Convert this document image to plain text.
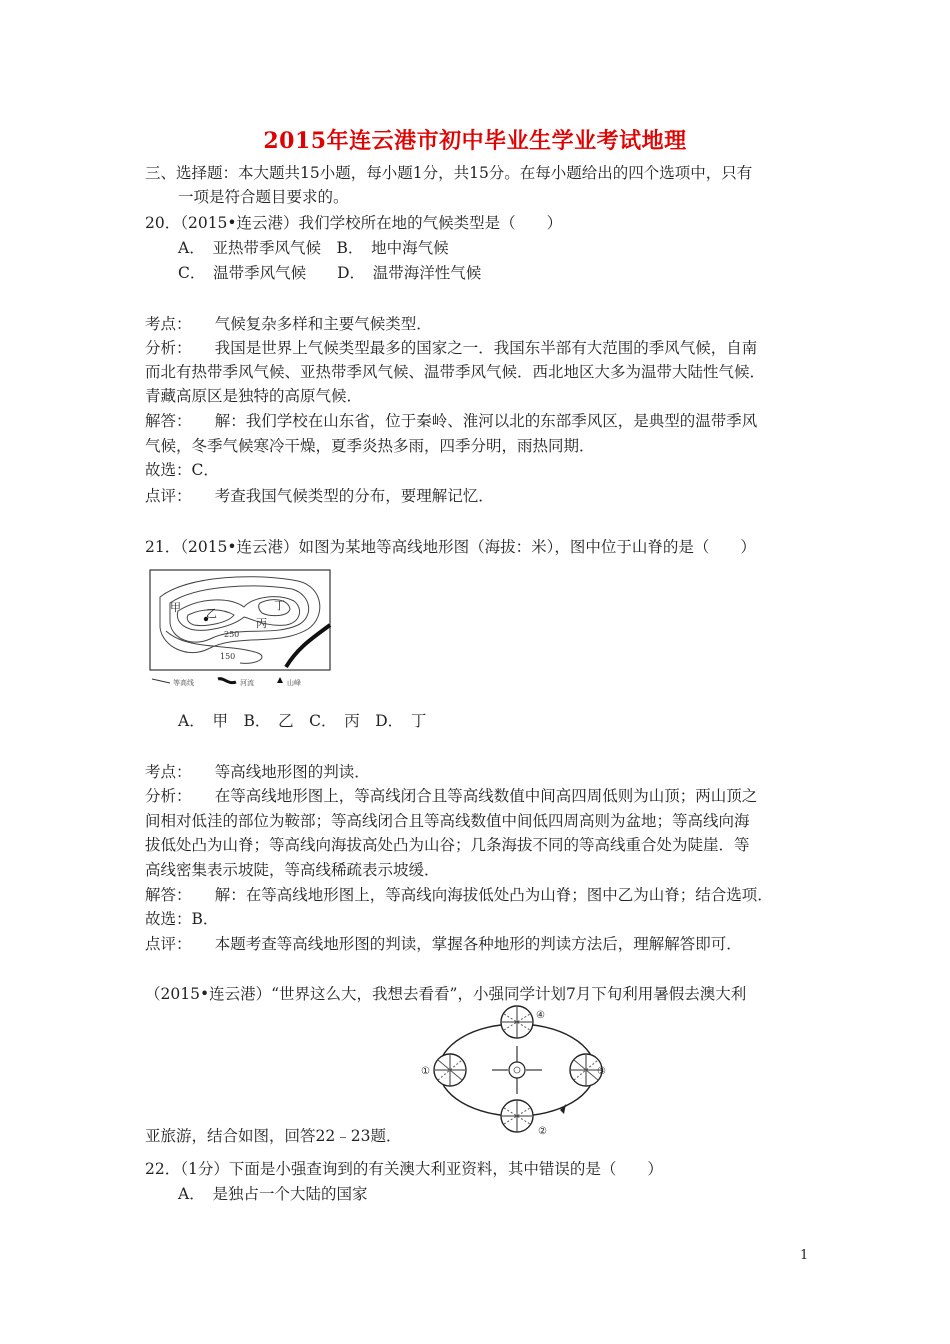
2015年连云港市初中毕业生学业考试地理
三、选择题：本大题共15小题，每小题1分，共15分。在每小题给出的四个选项中，只有
一项是符合题目要求的。
20．（2015•连云港）我们学校所在地的气候类型是（　　）
A．　亚热带季风气候　B．　地中海气候
C．　温带季风气候　　D．　温带海洋性气候
考点：　　气候复杂多样和主要气候类型．
分析：　　我国是世界上气候类型最多的国家之一．我国东半部有大范围的季风气候，自南
而北有热带季风气候、亚热带季风气候、温带季风气候．西北地区大多为温带大陆性气候．
青藏高原区是独特的高原气候．
解答：　　解：我们学校在山东省，位于秦岭、淮河以北的东部季风区，是典型的温带季风
气候，冬季气候寒冷干燥，夏季炎热多雨，四季分明，雨热同期．
故选：C．
点评：　　考查我国气候类型的分布，要理解记忆．
21．（2015•连云港）如图为某地等高线地形图（海拔：米），图中位于山脊的是（　　）
甲 乙
丙
丁
250
150
等高线	河流	山峰
A．　甲　B．　乙　C．　丙　D．　丁
考点：　　等高线地形图的判读．
分析：　　在等高线地形图上，等高线闭合且等高线数值中间高四周低则为山顶；两山顶之
间相对低洼的部位为鞍部；等高线闭合且等高线数值中间低四周高则为盆地；等高线向海
拔低处凸为山脊；等高线向海拔高处凸为山谷；几条海拔不同的等高线重合处为陡崖．等
高线密集表示坡陡，等高线稀疏表示坡缓．
解答：　　解：在等高线地形图上，等高线向海拔低处凸为山脊；图中乙为山脊；结合选项．
故选：B．
点评：　　本题考查等高线地形图的判读，掌握各种地形的判读方法后，理解解答即可．
（2015•连云港）“世界这么大，我想去看看”，小强同学计划7月下旬利用暑假去澳大利
④
①	③
②
亚旅游，结合如图，回答22﹣23题．
22．（1分）下面是小强查询到的有关澳大利亚资料，其中错误的是（　　）
A．　是独占一个大陆的国家
1
